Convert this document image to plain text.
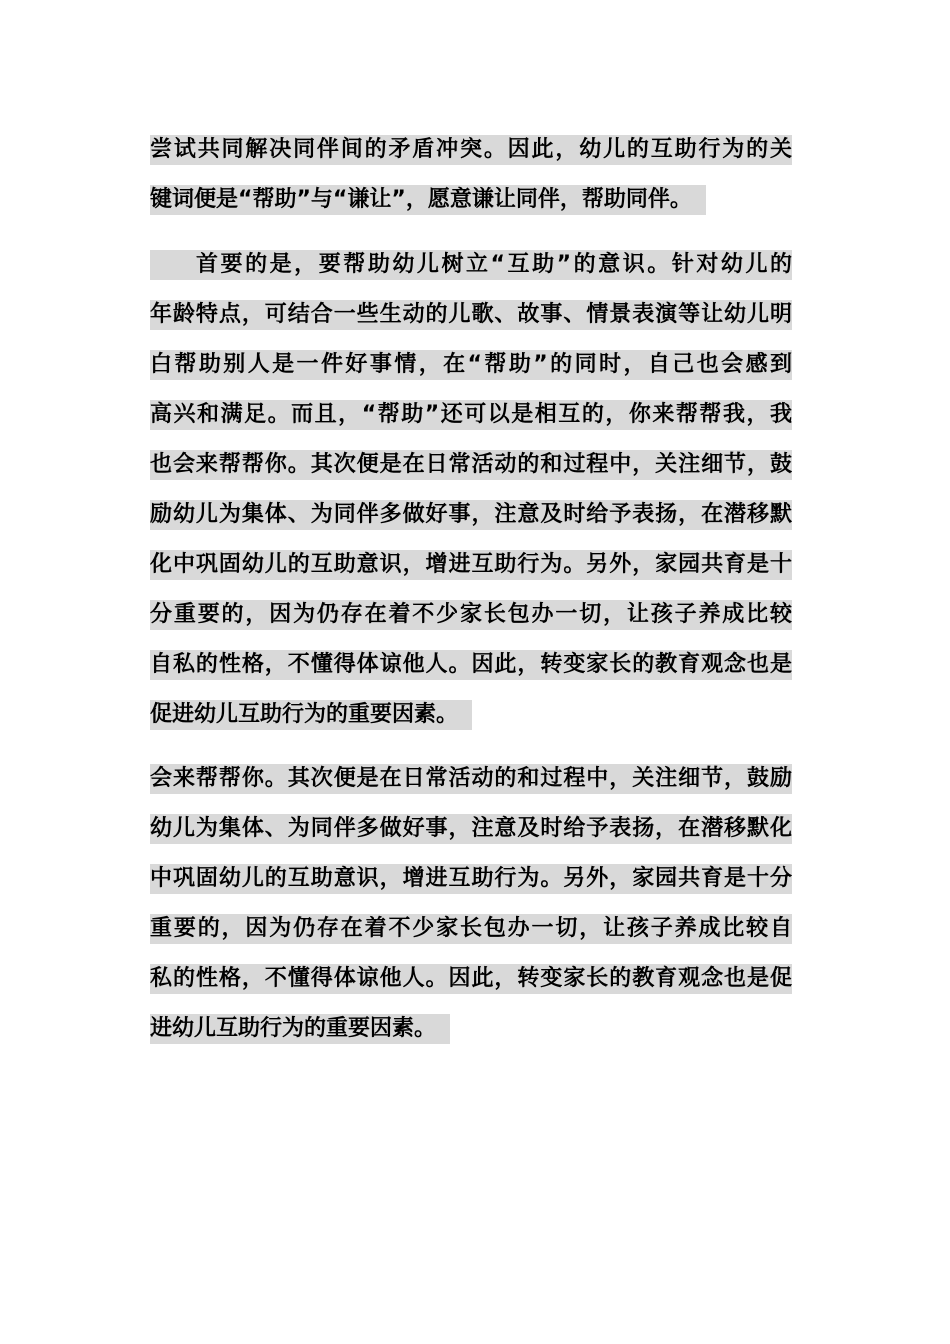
尝试共同解决同伴间的矛盾冲突。因此，幼儿的互助行为的关
键词便是“帮助”与“谦让”，愿意谦让同伴，帮助同伴。
首要的是，要帮助幼儿树立“互助”的意识。针对幼儿的
年龄特点，可结合一些生动的儿歌、故事、情景表演等让幼儿明
白帮助别人是一件好事情，在“帮助”的同时，自己也会感到
高兴和满足。而且，“帮助”还可以是相互的，你来帮帮我，我
也会来帮帮你。其次便是在日常活动的和过程中，关注细节，鼓
励幼儿为集体、为同伴多做好事，注意及时给予表扬，在潜移默
化中巩固幼儿的互助意识，增进互助行为。另外，家园共育是十
分重要的，因为仍存在着不少家长包办一切，让孩子养成比较
自私的性格，不懂得体谅他人。因此，转变家长的教育观念也是
促进幼儿互助行为的重要因素。
会来帮帮你。其次便是在日常活动的和过程中，关注细节，鼓励
幼儿为集体、为同伴多做好事，注意及时给予表扬，在潜移默化
中巩固幼儿的互助意识，增进互助行为。另外，家园共育是十分
重要的，因为仍存在着不少家长包办一切，让孩子养成比较自
私的性格，不懂得体谅他人。因此，转变家长的教育观念也是促
进幼儿互助行为的重要因素。
